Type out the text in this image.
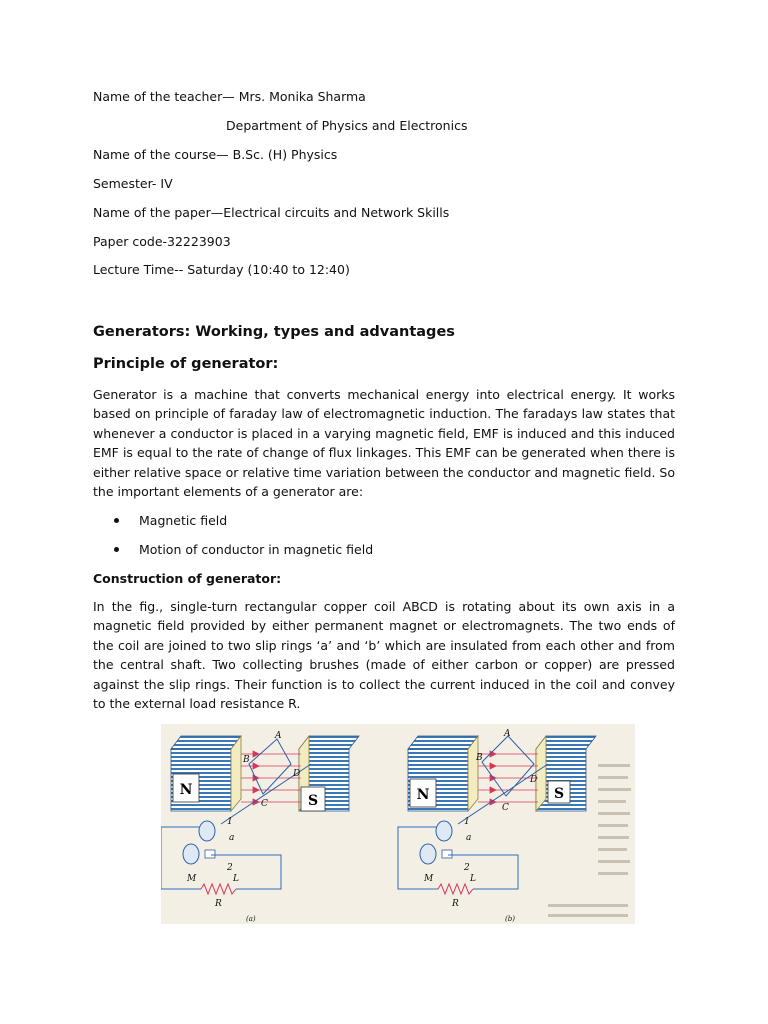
Name of the teacher— Mrs. Monika Sharma
Department of Physics and Electronics
Name of the course— B.Sc. (H) Physics
Semester- IV
Name of the paper—Electrical circuits and Network Skills
Paper code-32223903
Lecture Time-- Saturday (10:40 to 12:40)
Generators: Working, types and advantages
Principle of generator:
Generator is a machine that converts mechanical energy into electrical energy. It works based on principle of faraday law of electromagnetic induction. The faradays law states that whenever a conductor is placed in a varying magnetic field, EMF is induced and this induced EMF is equal to the rate of change of flux linkages. This EMF can be generated when there is either relative space or relative time variation between the conductor and magnetic field. So the important elements of a generator are:
Magnetic field
Motion of conductor in magnetic field
Construction of generator:
In the fig., single-turn rectangular copper coil ABCD is rotating about its own axis in a magnetic field provided by either permanent magnet or electromagnets. The two ends of the coil are joined to two slip rings ‘a’ and ‘b’ which are insulated from each other and from the central shaft. Two collecting brushes (made of either carbon or copper) are pressed against the slip rings. Their function is to collect the current induced in the coil and convey to the external load resistance R.
N
S
A
B
C
D
1
2
a
M	L
R
(a)
N	S
A
B
C
D
1
2
a
M	L
R
(b)
